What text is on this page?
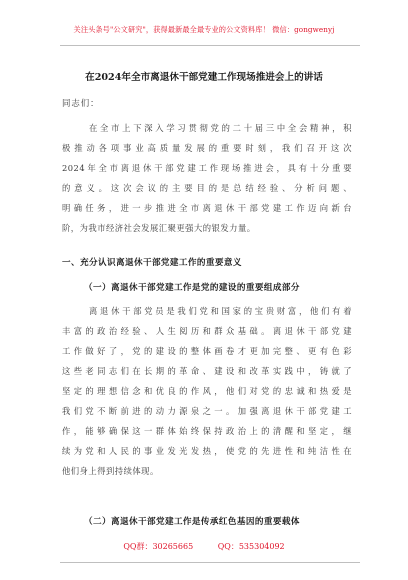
关注头条号"公文研究"，获得最新最全最专业的公文资料库！ 微信：gongwenyj
在2024年全市离退休干部党建工作现场推进会上的讲话
同志们：
在全市上下深入学习贯彻党的二十届三中全会精神，积
极推动各项事业高质量发展的重要时刻，我们召开这次
2024年全市离退休干部党建工作现场推进会，具有十分重要
的意义。这次会议的主要目的是总结经验、分析问题、
明确任务，进一步推进全市离退休干部党建工作迈向新台
阶，为我市经济社会发展汇聚更强大的银发力量。
一、充分认识离退休干部党建工作的重要意义
（一）离退休干部党建工作是党的建设的重要组成部分
离退休干部党员是我们党和国家的宝贵财富，他们有着
丰富的政治经验、人生阅历和群众基础。离退休干部党建
工作做好了，党的建设的整体画卷才更加完整、更有色彩
这些老同志们在长期的革命、建设和改革实践中，铸就了
坚定的理想信念和优良的作风，他们对党的忠诚和热爱是
我们党不断前进的动力源泉之一。加强离退休干部党建工
作，能够确保这一群体始终保持政治上的清醒和坚定，继
续为党和人民的事业发光发热，使党的先进性和纯洁性在
他们身上得到持续体现。
（二）离退休干部党建工作是传承红色基因的重要载体
QQ群：30265665	QQ：535304092
